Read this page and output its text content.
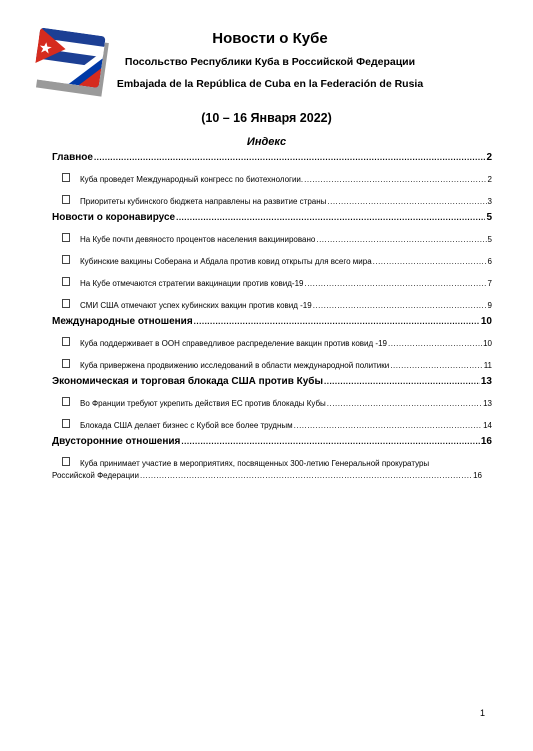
Новости о Кубе
Посольство Республики Куба в Российской Федерации
Embajada de la República de Cuba en la Federación de Rusia
(10 – 16 Января 2022)
Индекс
Главное .....	2
Куба проведет Международный конгресс по биотехнологии. .....	2
Приоритеты кубинского бюджета направлены на развитие страны .....	3
Новости о коронавирусе .....	5
На Кубе почти девяносто процентов населения вакцинировано .....	5
Кубинские вакцины Соберана и Абдала против ковид открыты для всего мира .....	6
На Кубе отмечаются стратегии вакцинации против ковид-19 .....	7
СМИ США отмечают успех кубинских вакцин против ковид -19 .....	9
Международные отношения .....	10
Куба поддерживает в ООН справедливое распределение вакцин против ковид -19 .....	10
Куба привержена продвижению исследований в области международной политики .....	11
Экономическая и торговая блокада США против Кубы .....	13
Во Франции требуют укрепить действия ЕС против блокады Кубы .....	13
Блокада США делает бизнес с Кубой все более трудным .....	14
Двусторонние отношения .....	16
Куба принимает участие в мероприятиях, посвященных 300-летию Генеральной прокуратуры
Российской Федерации .....	16
1
